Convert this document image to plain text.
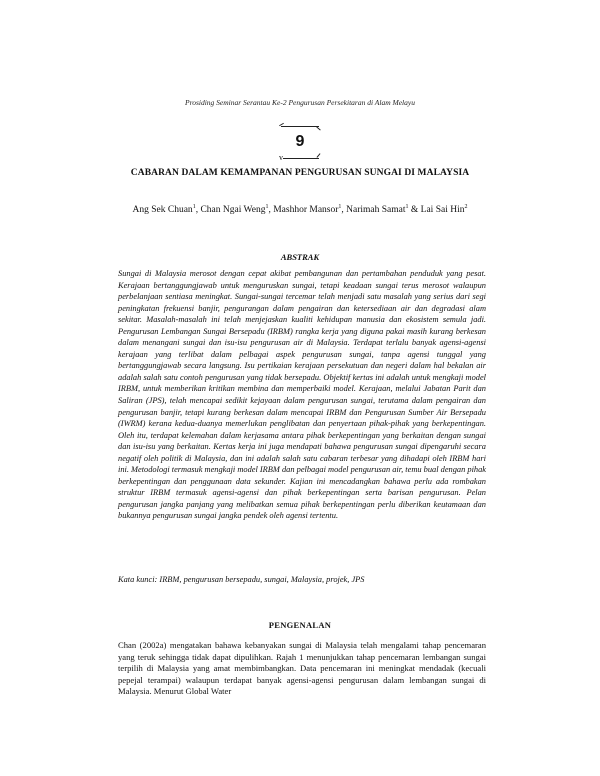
Prosiding Seminar Serantau Ke-2 Pengurusan Persekitaran di Alam Melayu
9
v
CABARAN DALAM KEMAMPANAN PENGURUSAN SUNGAI DI MALAYSIA
Ang Sek Chuan$^1$, Chan Ngai Weng$^1$, Mashhor Mansor$^1$, Narimah Samat$^1$ & Lai Sai Hin$^2$
ABSTRAK
Sungai di Malaysia merosot dengan cepat akibat pembangunan dan pertambahan penduduk yang pesat. Kerajaan bertanggungjawab untuk menguruskan sungai, tetapi keadaan sungai terus merosot walaupun perbelanjaan sentiasa meningkat. Sungai-sungai tercemar telah menjadi satu masalah yang serius dari segi peningkatan frekuensi banjir, pengurangan dalam pengairan dan ketersediaan air dan degradasi alam sekitar. Masalah-masalah ini telah menjejaskan kualiti kehidupan manusia dan ekosistem semula jadi. Pengurusan Lembangan Sungai Bersepadu (IRBM) rangka kerja yang diguna pakai masih kurang berkesan dalam menangani sungai dan isu-isu pengurusan air di Malaysia. Terdapat terlalu banyak agensi-agensi kerajaan yang terlibat dalam pelbagai aspek pengurusan sungai, tanpa agensi tunggal yang bertanggungjawab secara langsung. Isu pertikaian kerajaan persekutuan dan negeri dalam hal bekalan air adalah salah satu contoh pengurusan yang tidak bersepadu. Objektif kertas ini adalah untuk mengkaji model IRBM, untuk memberikan kritikan membina dan memperbaiki model. Kerajaan, melalui Jabatan Parit dan Saliran (JPS), telah mencapai sedikit kejayaan dalam pengurusan sungai, terutama dalam pengairan dan pengurusan banjir, tetapi kurang berkesan dalam mencapai IRBM dan Pengurusan Sumber Air Bersepadu (IWRM) kerana kedua-duanya memerlukan penglibatan dan penyertaan pihak-pihak yang berkepentingan. Oleh itu, terdapat kelemahan dalam kerjasama antara pihak berkepentingan yang berkaitan dengan sungai dan isu-isu yang berkaitan. Kertas kerja ini juga mendapati bahawa pengurusan sungai dipengaruhi secara negatif oleh politik di Malaysia, dan ini adalah salah satu cabaran terbesar yang dihadapi oleh IRBM hari ini. Metodologi termasuk mengkaji model IRBM dan pelbagai model pengurusan air, temu bual dengan pihak berkepentingan dan penggunaan data sekunder. Kajian ini mencadangkan bahawa perlu ada rombakan struktur IRBM termasuk agensi-agensi dan pihak berkepentingan serta barisan pengurusan. Pelan pengurusan jangka panjang yang melibatkan semua pihak berkepentingan perlu diberikan keutamaan dan bukannya pengurusan sungai jangka pendek oleh agensi tertentu.
Kata kunci: IRBM, pengurusan bersepadu, sungai, Malaysia, projek, JPS
PENGENALAN
Chan (2002a) mengatakan bahawa kebanyakan sungai di Malaysia telah mengalami tahap pencemaran yang teruk sehingga tidak dapat dipulihkan. Rajah 1 menunjukkan tahap pencemaran lembangan sungai terpilih di Malaysia yang amat membimbangkan. Data pencemaran ini meningkat mendadak (kecuali pepejal terampai) walaupun terdapat banyak agensi-agensi pengurusan dalam lembangan sungai di Malaysia. Menurut Global Water
